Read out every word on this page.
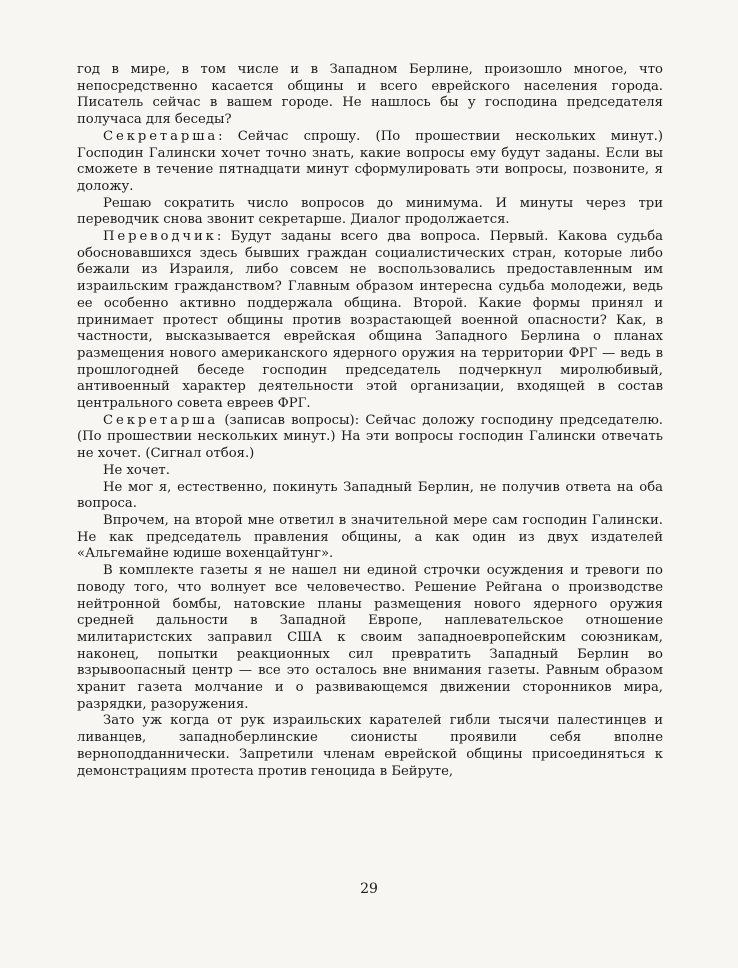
год в мире, в том числе и в Западном Берлине, произошло многое, что непосредственно касается общины и всего еврейского населения города. Писатель сейчас в вашем городе. Не нашлось бы у господина председателя получаса для беседы?

Секретарша: Сейчас спрошу. (По прошествии нескольких минут.) Господин Галински хочет точно знать, какие вопросы ему будут заданы. Если вы сможете в течение пятнадцати минут сформулировать эти вопросы, позвоните, я доложу.

Решаю сократить число вопросов до минимума. И минуты через три переводчик снова звонит секретарше. Диалог продолжается.

Переводчик: Будут заданы всего два вопроса. Первый. Какова судьба обосновавшихся здесь бывших граждан социалистических стран, которые либо бежали из Израиля, либо совсем не воспользовались предоставленным им израильским гражданством? Главным образом интересна судьба молодежи, ведь ее особенно активно поддержала община. Второй. Какие формы принял и принимает протест общины против возрастающей военной опасности? Как, в частности, высказывается еврейская община Западного Берлина о планах размещения нового американского ядерного оружия на территории ФРГ — ведь в прошлогодней беседе господин председатель подчеркнул миролюбивый, антивоенный характер деятельности этой организации, входящей в состав центрального совета евреев ФРГ.

Секретарша (записав вопросы): Сейчас доложу господину председателю. (По прошествии нескольких минут.) На эти вопросы господин Галински отвечать не хочет. (Сигнал отбоя.)

Не хочет.

Не мог я, естественно, покинуть Западный Берлин, не получив ответа на оба вопроса.

Впрочем, на второй мне ответил в значительной мере сам господин Галински. Не как председатель правления общины, а как один из двух издателей «Альгемайне юдише вохенцайтунг».

В комплекте газеты я не нашел ни единой строчки осуждения и тревоги по поводу того, что волнует все человечество. Решение Рейгана о производстве нейтронной бомбы, натовские планы размещения нового ядерного оружия средней дальности в Западной Европе, наплевательское отношение милитаристских заправил США к своим западноевропейским союзникам, наконец, попытки реакционных сил превратить Западный Берлин во взрывоопасный центр — все это осталось вне внимания газеты. Равным образом хранит газета молчание и о развивающемся движении сторонников мира, разрядки, разоружения.

Зато уж когда от рук израильских карателей гибли тысячи палестинцев и ливанцев, западноберлинские сионисты проявили себя вполне верноподданнически. Запретили членам еврейской общины присоединяться к демонстрациям протеста против геноцида в Бейруте,

29
